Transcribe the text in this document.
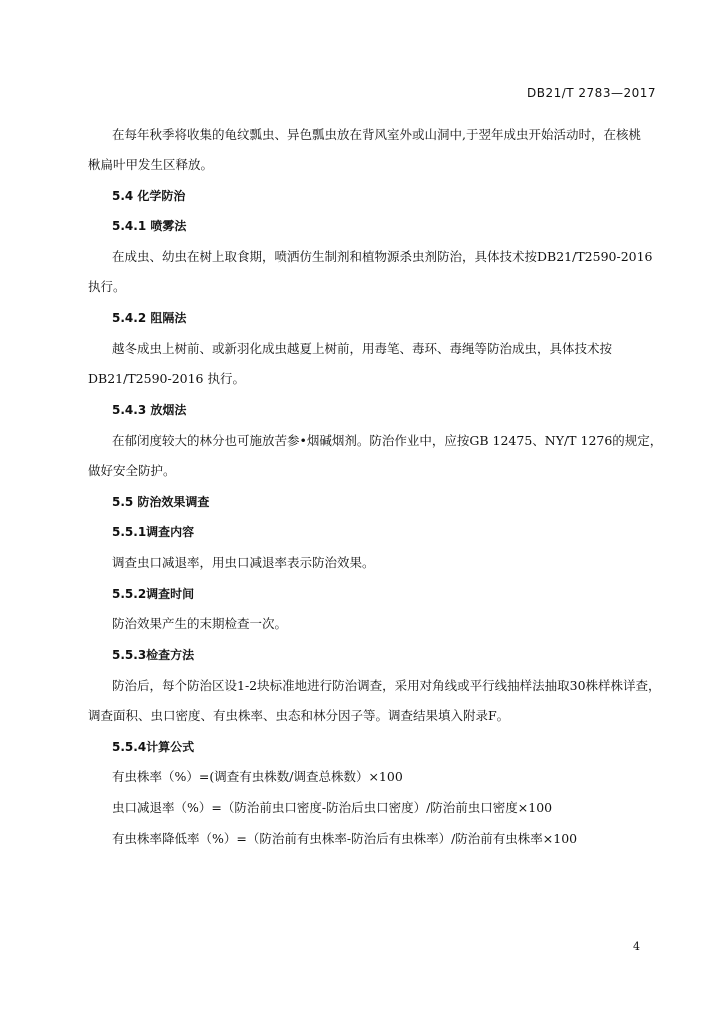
DB21/T 2783—2017
在每年秋季将收集的龟纹瓢虫、异色瓢虫放在背风室外或山洞中,于翌年成虫开始活动时，在核桃
楸扁叶甲发生区释放。
5.4 化学防治
5.4.1 喷雾法
在成虫、幼虫在树上取食期，喷洒仿生制剂和植物源杀虫剂防治，具体技术按DB21/T2590-2016
执行。
5.4.2 阻隔法
越冬成虫上树前、或新羽化成虫越夏上树前，用毒笔、毒环、毒绳等防治成虫，具体技术按
DB21/T2590-2016 执行。
5.4.3 放烟法
在郁闭度较大的林分也可施放苦参•烟碱烟剂。防治作业中，应按GB 12475、NY/T 1276的规定，
做好安全防护。
5.5 防治效果调查
5.5.1调查内容
调查虫口减退率，用虫口减退率表示防治效果。
5.5.2调查时间
防治效果产生的末期检查一次。
5.5.3检查方法
防治后，每个防治区设1-2块标准地进行防治调查，采用对角线或平行线抽样法抽取30株样株详查，
调查面积、虫口密度、有虫株率、虫态和林分因子等。调查结果填入附录F。
5.5.4计算公式
有虫株率（%）=(调查有虫株数/调查总株数）×100
虫口减退率（%）=（防治前虫口密度-防治后虫口密度）/防治前虫口密度×100
有虫株率降低率（%）=（防治前有虫株率-防治后有虫株率）/防治前有虫株率×100
4
